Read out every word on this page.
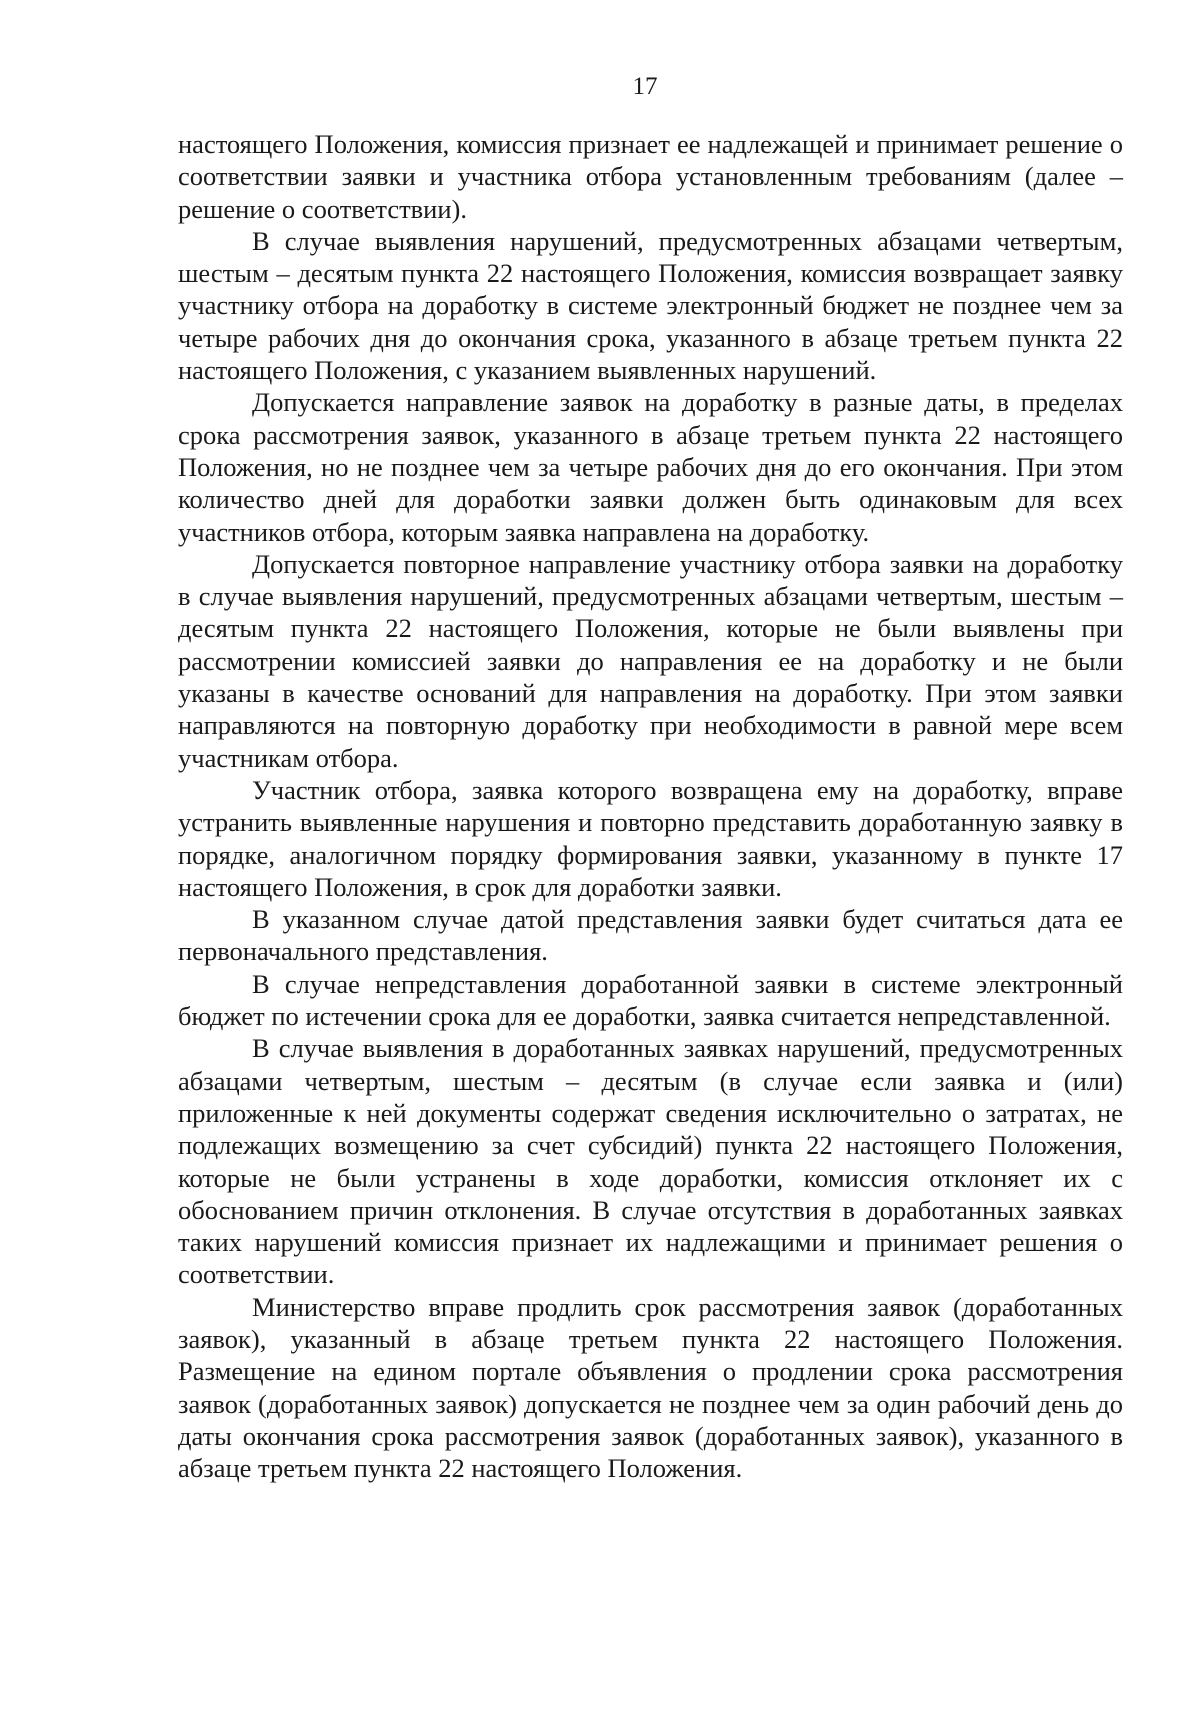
17

настоящего Положения, комиссия признает ее надлежащей и принимает решение о соответствии заявки и участника отбора установленным требованиям (далее – решение о соответствии).

В случае выявления нарушений, предусмотренных абзацами четвертым, шестым – десятым пункта 22 настоящего Положения, комиссия возвращает заявку участнику отбора на доработку в системе электронный бюджет не позднее чем за четыре рабочих дня до окончания срока, указанного в абзаце третьем пункта 22 настоящего Положения, с указанием выявленных нарушений.

Допускается направление заявок на доработку в разные даты, в пределах срока рассмотрения заявок, указанного в абзаце третьем пункта 22 настоящего Положения, но не позднее чем за четыре рабочих дня до его окончания. При этом количество дней для доработки заявки должен быть одинаковым для всех участников отбора, которым заявка направлена на доработку.

Допускается повторное направление участнику отбора заявки на доработку в случае выявления нарушений, предусмотренных абзацами четвертым, шестым – десятым пункта 22 настоящего Положения, которые не были выявлены при рассмотрении комиссией заявки до направления ее на доработку и не были указаны в качестве оснований для направления на доработку. При этом заявки направляются на повторную доработку при необходимости в равной мере всем участникам отбора.

Участник отбора, заявка которого возвращена ему на доработку, вправе устранить выявленные нарушения и повторно представить доработанную заявку в порядке, аналогичном порядку формирования заявки, указанному в пункте 17 настоящего Положения, в срок для доработки заявки.

В указанном случае датой представления заявки будет считаться дата ее первоначального представления.

В случае непредставления доработанной заявки в системе электронный бюджет по истечении срока для ее доработки, заявка считается непредставленной.

В случае выявления в доработанных заявках нарушений, предусмотренных абзацами четвертым, шестым – десятым (в случае если заявка и (или) приложенные к ней документы содержат сведения исключительно о затратах, не подлежащих возмещению за счет субсидий) пункта 22 настоящего Положения, которые не были устранены в ходе доработки, комиссия отклоняет их с обоснованием причин отклонения. В случае отсутствия в доработанных заявках таких нарушений комиссия признает их надлежащими и принимает решения о соответствии.

Министерство вправе продлить срок рассмотрения заявок (доработанных заявок), указанный в абзаце третьем пункта 22 настоящего Положения. Размещение на едином портале объявления о продлении срока рассмотрения заявок (доработанных заявок) допускается не позднее чем за один рабочий день до даты окончания срока рассмотрения заявок (доработанных заявок), указанного в абзаце третьем пункта 22 настоящего Положения.
